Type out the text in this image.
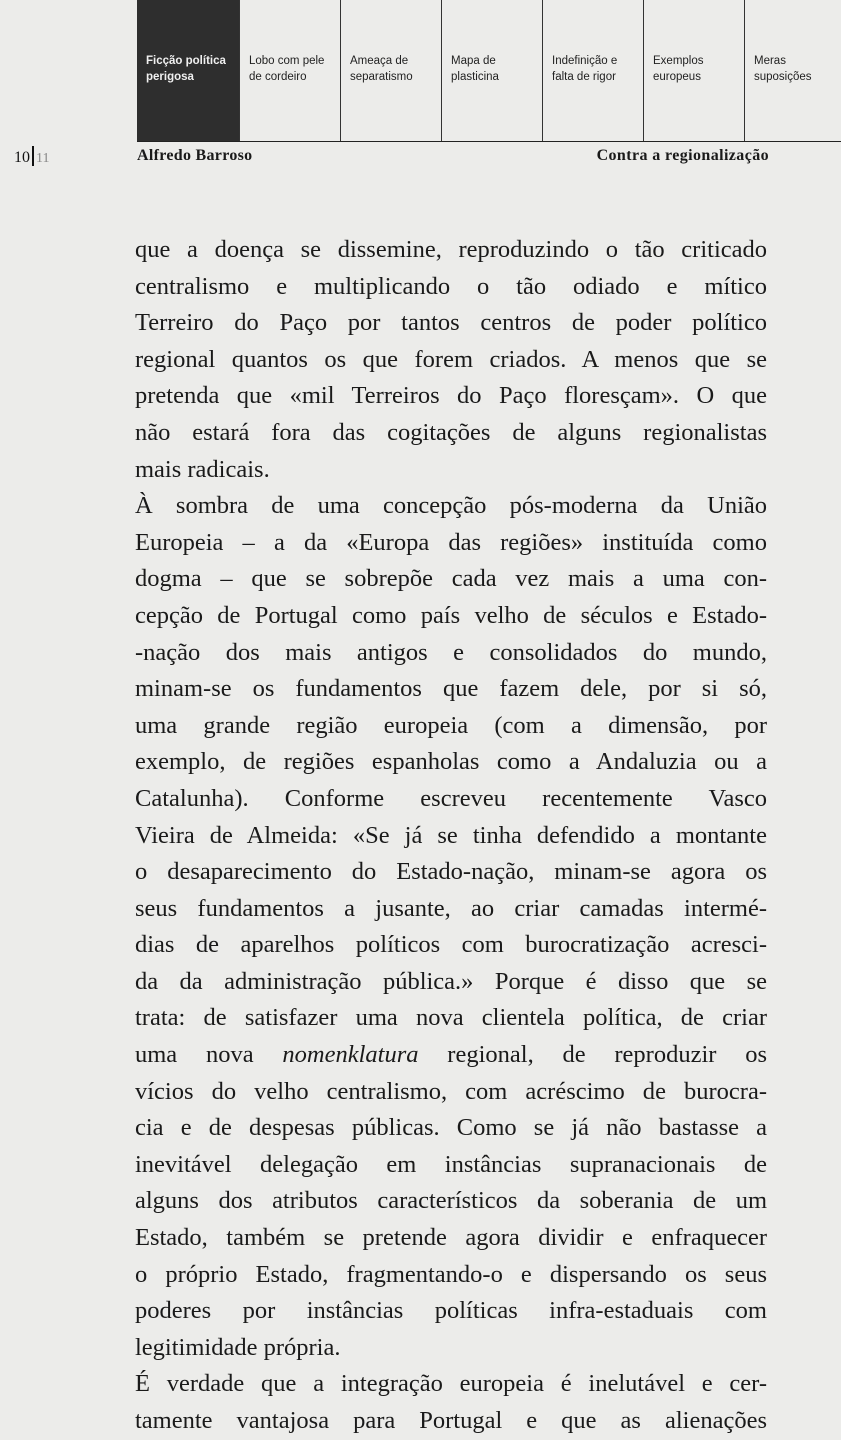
Ficção política
perigosa
Lobo com pele
de cordeiro
Ameaça de
separatismo
Mapa de
plasticina
Indefinição e
falta de rigor
Exemplos
europeus
Meras
suposições
10 11	Alfredo Barroso	Contra a regionalização
que a doença se dissemine, reproduzindo o tão criticado
centralismo e multiplicando o tão odiado e mítico
Terreiro do Paço por tantos centros de poder político
regional quantos os que forem criados. A menos que se
pretenda que «mil Terreiros do Paço floresçam». O que
não estará fora das cogitações de alguns regionalistas
mais radicais.
À sombra de uma concepção pós-moderna da União
Europeia – a da «Europa das regiões» instituída como
dogma – que se sobrepõe cada vez mais a uma con-
cepção de Portugal como país velho de séculos e Estado-
-nação dos mais antigos e consolidados do mundo,
minam-se os fundamentos que fazem dele, por si só,
uma grande região europeia (com a dimensão, por
exemplo, de regiões espanholas como a Andaluzia ou a
Catalunha). Conforme escreveu recentemente Vasco
Vieira de Almeida: «Se já se tinha defendido a montante
o desaparecimento do Estado-nação, minam-se agora os
seus fundamentos a jusante, ao criar camadas intermé-
dias de aparelhos políticos com burocratização acresci-
da da administração pública.» Porque é disso que se
trata: de satisfazer uma nova clientela política, de criar
uma nova nomenklatura regional, de reproduzir os
vícios do velho centralismo, com acréscimo de burocra-
cia e de despesas públicas. Como se já não bastasse a
inevitável delegação em instâncias supranacionais de
alguns dos atributos característicos da soberania de um
Estado, também se pretende agora dividir e enfraquecer
o próprio Estado, fragmentando-o e dispersando os seus
poderes por instâncias políticas infra-estaduais com
legitimidade própria.
É verdade que a integração europeia é inelutável e cer-
tamente vantajosa para Portugal e que as alienações
